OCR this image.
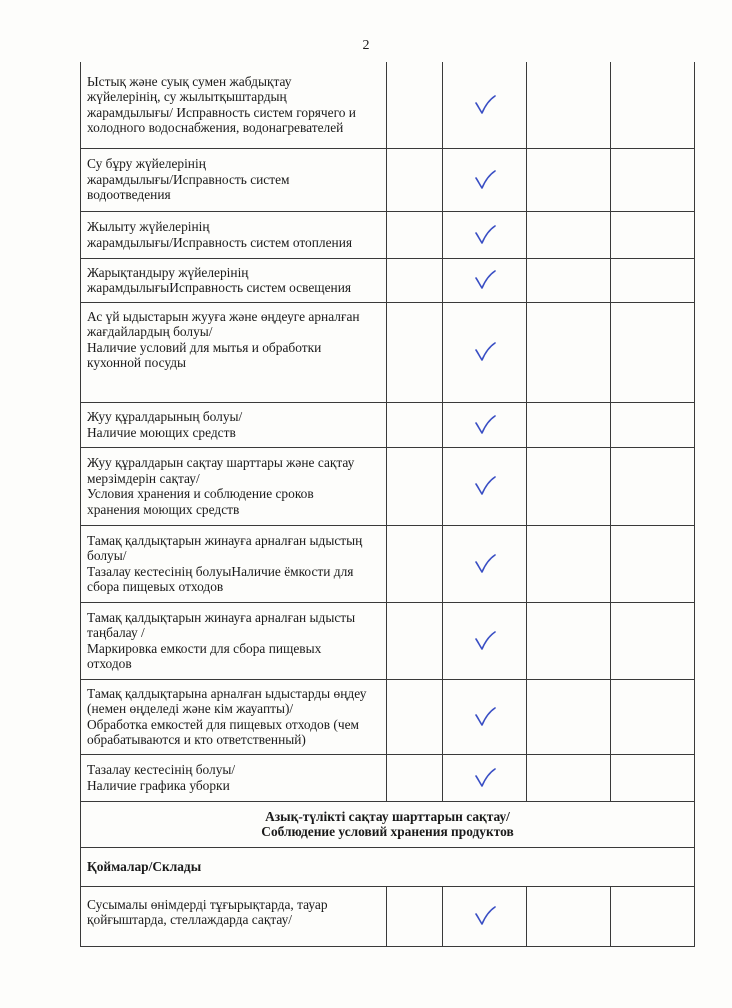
2
Ыстық және суық сумен жабдықтау
жүйелерінің, су жылытқыштардың
жарамдылығы/ Исправность систем горячего и
холодного водоснабжения, водонагревателей

Су бұру жүйелерінің
жарамдылығы/Исправность систем
водоотведения

Жылыту жүйелерінің
жарамдылығы/Исправность систем отопления

Жарықтандыру жүйелерінің
жарамдылығыИсправность систем освещения

Ас үй ыдыстарын жууға және өңдеуге арналған
жағдайлардың болуы/
Наличие условий для мытья и обработки
кухонной посуды

Жуу құралдарының болуы/
Наличие моющих средств

Жуу құралдарын сақтау шарттары және сақтау
мерзімдерін сақтау/
Условия хранения и соблюдение сроков
хранения моющих средств

Тамақ қалдықтарын жинауға арналған ыдыстың
болуы/
Тазалау кестесінің болуыНаличие ёмкости для
сбора пищевых отходов

Тамақ қалдықтарын жинауға арналған ыдысты
таңбалау /
Маркировка емкости для сбора пищевых
отходов

Тамақ қалдықтарына арналған ыдыстарды өңдеу
(немен өңделеді және кім жауапты)/
Обработка емкостей для пищевых отходов (чем
обрабатываются и кто ответственный)

Тазалау кестесінің болуы/
Наличие графика уборки

Азық-түлікті сақтау шарттарын сақтау/
Соблюдение условий хранения продуктов				

Қоймалар/Склады				

Сусымалы өнімдерді тұғырықтарда, тауар
қойғыштарда, стеллаждарда сақтау/
